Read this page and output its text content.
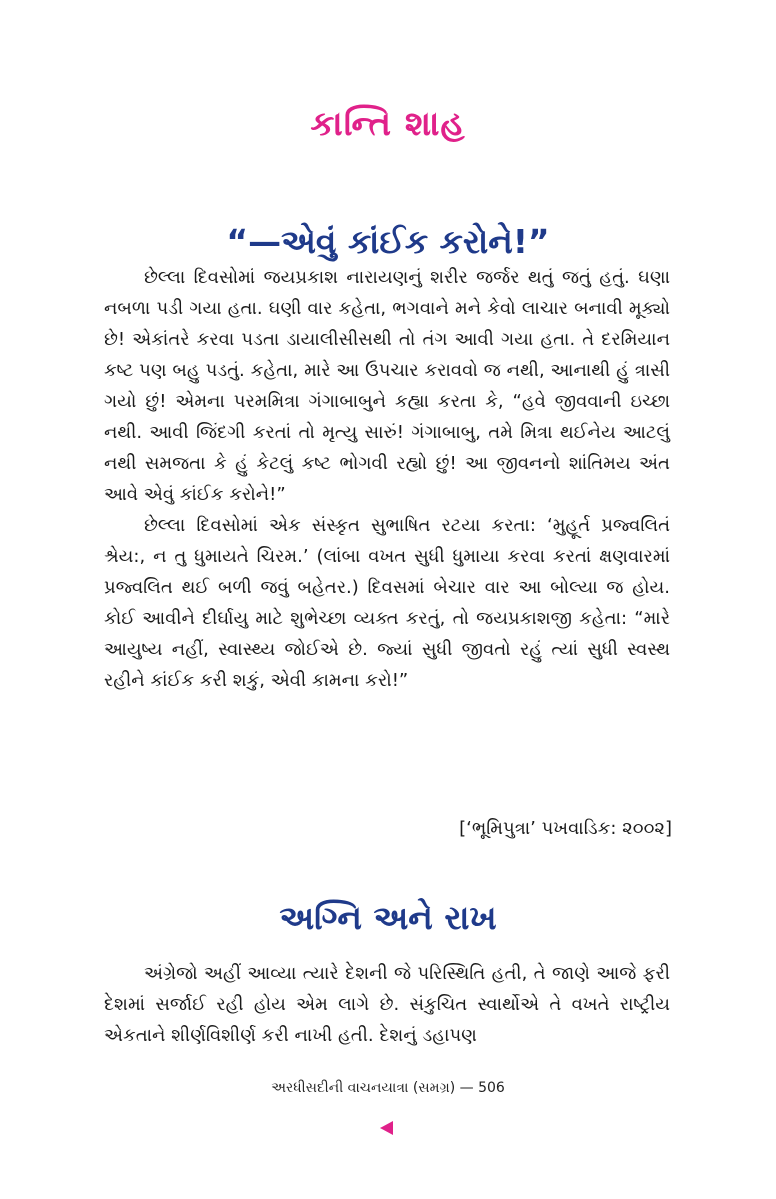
કાન્તિ શાહ
“—એવું કાંઈક કરોને!”

છેલ્લા દિવસોમાં જયપ્રકાશ નારાયણનું શરીર જર્જર થતું જતું હતું. ઘણા નબળા પડી ગયા હતા. ઘણી વાર કહેતા, ભગવાને મને કેવો લાચાર બનાવી મૂક્યો છે! એકાંતરે કરવા પડતા ડાયાલીસીસથી તો તંગ આવી ગયા હતા. તે દરમિયાન કષ્ટ પણ બહુ પડતું. કહેતા, મારે આ ઉપચાર કરાવવો જ નથી, આનાથી હું ત્રાસી ગયો છું! એમના પરમમિત્રા ગંગાબાબુને કહ્યા કરતા કે, “હવે જીવવાની ઇચ્છા નથી. આવી જિંદગી કરતાં તો મૃત્યુ સારું! ગંગાબાબુ, તમે મિત્રા થઈનેય આટલું નથી સમજતા કે હું કેટલું કષ્ટ ભોગવી રહ્યો છું! આ જીવનનો શાંતિમય અંત આવે એવું કાંઈક કરોને!”

છેલ્લા દિવસોમાં એક સંસ્કૃત સુભાષિત રટયા કરતા: ‘મુહૂર્ત પ્રજ્વલિતં શ્રેય:, ન તુ ધુમાયતે ચિરમ.’ (લાંબા વખત સુધી ધુમાયા કરવા કરતાં ક્ષણવારમાં પ્રજ્વલિત થઈ બળી જવું બહેતર.) દિવસમાં બેચાર વાર આ બોલ્યા જ હોય. કોઈ આવીને દીર્ઘાયુ માટે શુભેચ્છા વ્યક્ત કરતું, તો જયપ્રકાશજી કહેતા: “મારે આયુષ્ય નહીં, સ્વાસ્થ્ય જોઈએ છે. જ્યાં સુધી જીવતો રહું ત્યાં સુધી સ્વસ્થ રહીને કાંઈક કરી શકું, એવી કામના કરો!”

[‘ભૂમિપુત્રા’ પખવાડિક: ૨૦૦૨]
અગ્નિ અને રાખ

અંગ્રેજો અહીં આવ્યા ત્યારે દેશની જે પરિસ્થિતિ હતી, તે જાણે આજે ફરી દેશમાં સર્જાઈ રહી હોય એમ લાગે છે. સંકુચિત સ્વાર્થોએ તે વખતે રાષ્ટ્રીય એકતાને શીર્ણવિશીર્ણ કરી નાખી હતી. દેશનું ડહાપણ

અરધીસદીની વાચનયાત્રા (સમગ્ર) — 506
